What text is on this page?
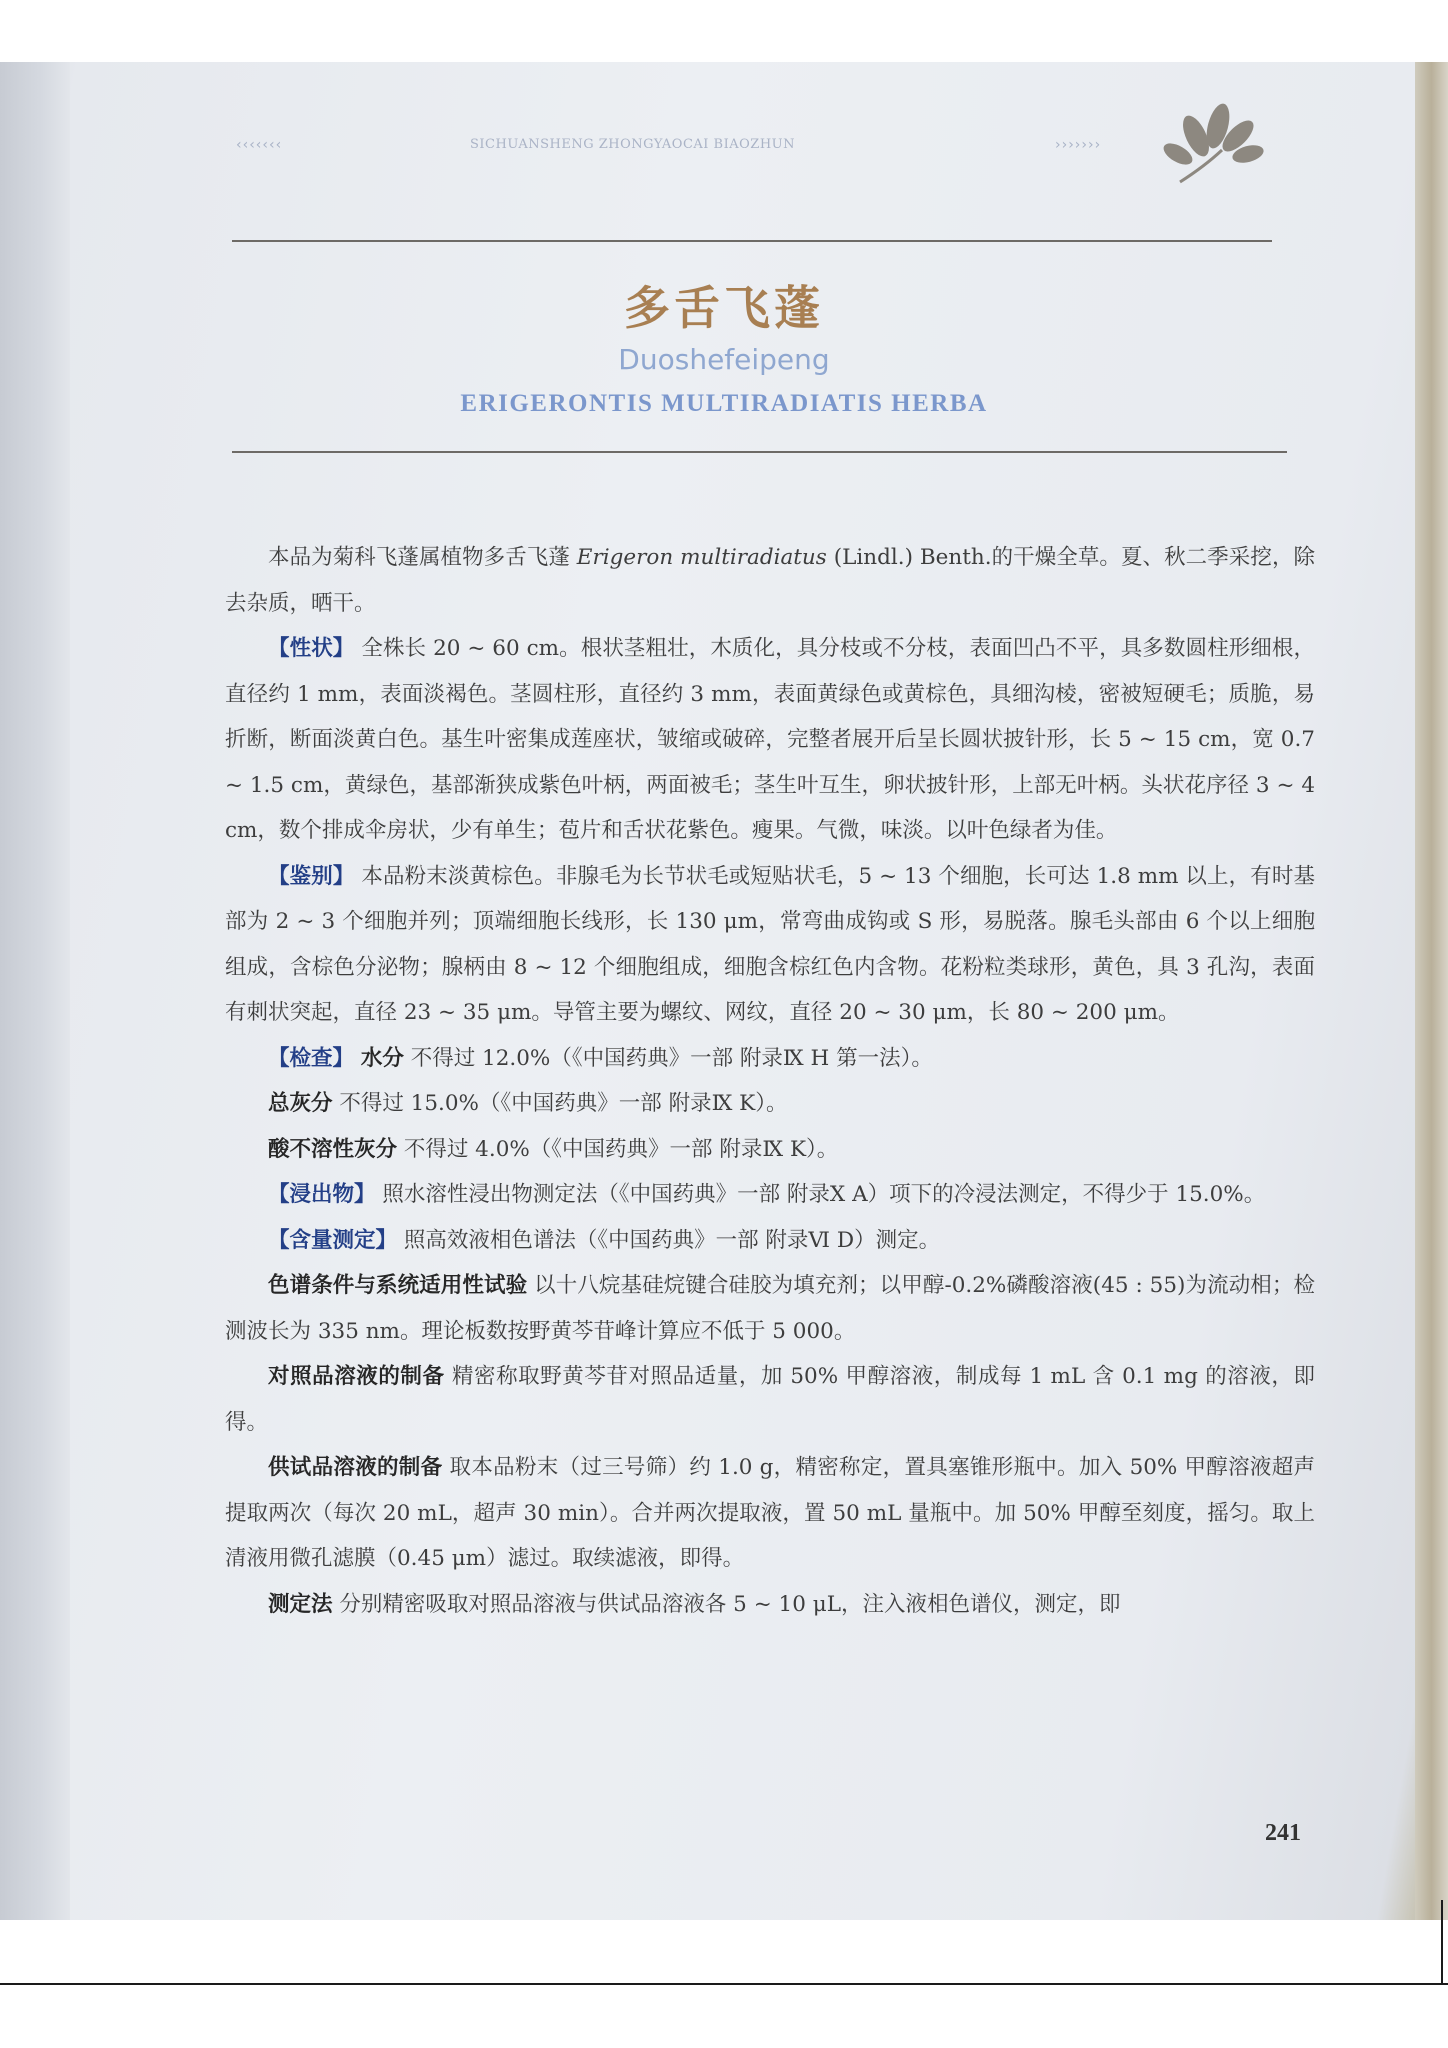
‹‹‹‹‹‹‹	SICHUANSHENG ZHONGYAOCAI BIAOZHUN	›››››››
多舌飞蓬
Duoshefeipeng
ERIGERONTIS MULTIRADIATIS HERBA

本品为菊科飞蓬属植物多舌飞蓬 Erigeron multiradiatus (Lindl.) Benth.的干燥全草。夏、秋二季采挖，除去杂质，晒干。

【性状】 全株长 20 ~ 60 cm。根状茎粗壮，木质化，具分枝或不分枝，表面凹凸不平，具多数圆柱形细根，直径约 1 mm，表面淡褐色。茎圆柱形，直径约 3 mm，表面黄绿色或黄棕色，具细沟棱，密被短硬毛；质脆，易折断，断面淡黄白色。基生叶密集成莲座状，皱缩或破碎，完整者展开后呈长圆状披针形，长 5 ~ 15 cm，宽 0.7 ~ 1.5 cm，黄绿色，基部渐狭成紫色叶柄，两面被毛；茎生叶互生，卵状披针形，上部无叶柄。头状花序径 3 ~ 4 cm，数个排成伞房状，少有单生；苞片和舌状花紫色。瘦果。气微，味淡。以叶色绿者为佳。

【鉴别】 本品粉末淡黄棕色。非腺毛为长节状毛或短贴状毛，5 ~ 13 个细胞，长可达 1.8 mm 以上，有时基部为 2 ~ 3 个细胞并列；顶端细胞长线形，长 130 μm，常弯曲成钩或 S 形，易脱落。腺毛头部由 6 个以上细胞组成，含棕色分泌物；腺柄由 8 ~ 12 个细胞组成，细胞含棕红色内含物。花粉粒类球形，黄色，具 3 孔沟，表面有刺状突起，直径 23 ~ 35 μm。导管主要为螺纹、网纹，直径 20 ~ 30 μm，长 80 ~ 200 μm。

【检查】 水分 不得过 12.0%（《中国药典》一部 附录Ⅸ H 第一法）。

总灰分 不得过 15.0%（《中国药典》一部 附录Ⅸ K）。

酸不溶性灰分 不得过 4.0%（《中国药典》一部 附录Ⅸ K）。

【浸出物】 照水溶性浸出物测定法（《中国药典》一部 附录Ⅹ A）项下的冷浸法测定，不得少于 15.0%。

【含量测定】 照高效液相色谱法（《中国药典》一部 附录Ⅵ D）测定。

色谱条件与系统适用性试验 以十八烷基硅烷键合硅胶为填充剂；以甲醇-0.2%磷酸溶液(45 : 55)为流动相；检测波长为 335 nm。理论板数按野黄芩苷峰计算应不低于 5 000。

对照品溶液的制备 精密称取野黄芩苷对照品适量，加 50% 甲醇溶液，制成每 1 mL 含 0.1 mg 的溶液，即得。

供试品溶液的制备 取本品粉末（过三号筛）约 1.0 g，精密称定，置具塞锥形瓶中。加入 50% 甲醇溶液超声提取两次（每次 20 mL，超声 30 min）。合并两次提取液，置 50 mL 量瓶中。加 50% 甲醇至刻度，摇匀。取上清液用微孔滤膜（0.45 μm）滤过。取续滤液，即得。

测定法 分别精密吸取对照品溶液与供试品溶液各 5 ~ 10 μL，注入液相色谱仪，测定，即

241
